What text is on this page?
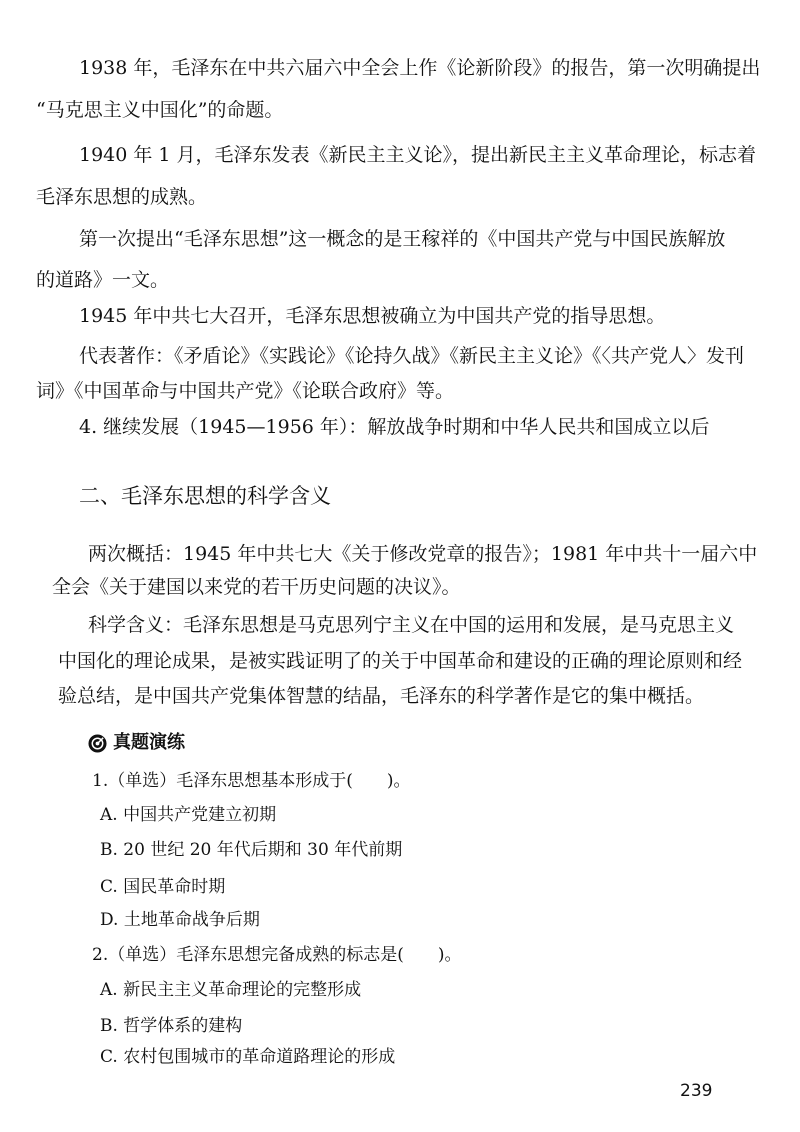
1938 年，毛泽东在中共六届六中全会上作《论新阶段》的报告，第一次明确提出
“马克思主义中国化”的命题。
1940 年 1 月，毛泽东发表《新民主主义论》，提出新民主主义革命理论，标志着
毛泽东思想的成熟。
第一次提出“毛泽东思想”这一概念的是王稼祥的《中国共产党与中国民族解放
的道路》一文。
1945 年中共七大召开，毛泽东思想被确立为中国共产党的指导思想。
代表著作：《矛盾论》《实践论》《论持久战》《新民主主义论》《〈共产党人〉发刊
词》《中国革命与中国共产党》《论联合政府》等。
4. 继续发展（1945—1956 年）：解放战争时期和中华人民共和国成立以后
二、毛泽东思想的科学含义
两次概括：1945 年中共七大《关于修改党章的报告》；1981 年中共十一届六中
全会《关于建国以来党的若干历史问题的决议》。
科学含义：毛泽东思想是马克思列宁主义在中国的运用和发展，是马克思主义
中国化的理论成果，是被实践证明了的关于中国革命和建设的正确的理论原则和经
验总结，是中国共产党集体智慧的结晶，毛泽东的科学著作是它的集中概括。
真题演练
1.（单选）毛泽东思想基本形成于(　　)。
A. 中国共产党建立初期
B. 20 世纪 20 年代后期和 30 年代前期
C. 国民革命时期
D. 土地革命战争后期
2.（单选）毛泽东思想完备成熟的标志是(　　)。
A. 新民主主义革命理论的完整形成
B. 哲学体系的建构
C. 农村包围城市的革命道路理论的形成
239
